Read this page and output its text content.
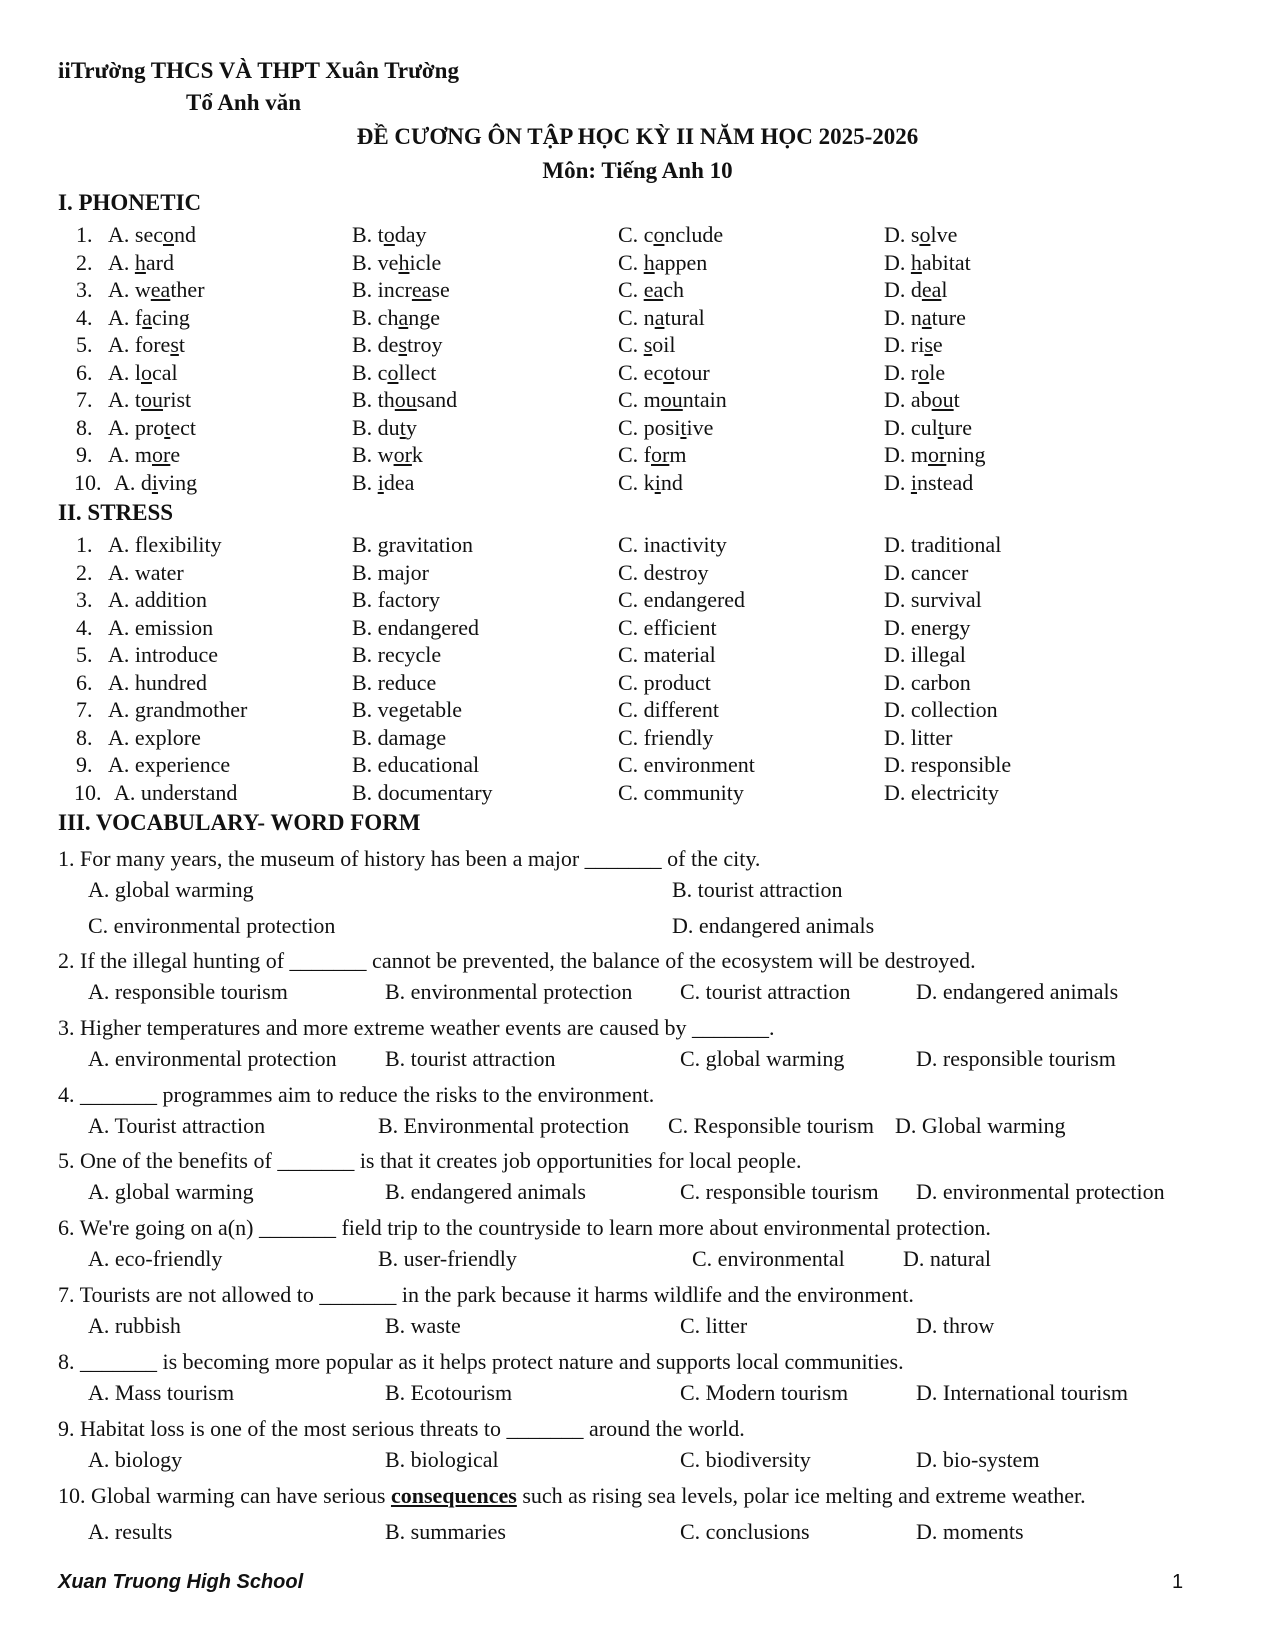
iiTrường THCS VÀ THPT Xuân Trường
Tổ Anh văn
ĐỀ CƯƠNG ÔN TẬP HỌC KỲ II NĂM HỌC 2025-2026
Môn: Tiếng Anh 10
I. PHONETIC
1. A. second	B. today	C. conclude	D. solve
2. A. hard	B. vehicle	C. happen	D. habitat
3. A. weather	B. increase	C. each	D. deal
4. A. facing	B. change	C. natural	D. nature
5. A. forest	B. destroy	C. soil	D. rise
6. A. local	B. collect	C. ecotour	D. role
7. A. tourist	B. thousand	C. mountain	D. about
8. A. protect	B. duty	C. positive	D. culture
9. A. more	B. work	C. form	D. morning
10. A. diving	B. idea	C. kind	D. instead
II. STRESS
1. A. flexibility	B. gravitation	C. inactivity	D. traditional
2. A. water	B. major	C. destroy	D. cancer
3. A. addition	B. factory	C. endangered	D. survival
4. A. emission	B. endangered	C. efficient	D. energy
5. A. introduce	B. recycle	C. material	D. illegal
6. A. hundred	B. reduce	C. product	D. carbon
7. A. grandmother	B. vegetable	C. different	D. collection
8. A. explore	B. damage	C. friendly	D. litter
9. A. experience	B. educational	C. environment	D. responsible
10. A. understand	B. documentary	C. community	D. electricity
III. VOCABULARY- WORD FORM
1. For many years, the museum of history has been a major _______ of the city.
A. global warming	B. tourist attraction
C. environmental protection	D. endangered animals
2. If the illegal hunting of _______ cannot be prevented, the balance of the ecosystem will be destroyed.
A. responsible tourism	B. environmental protection C. tourist attraction	D. endangered animals
3. Higher temperatures and more extreme weather events are caused by _______.
A. environmental protection B. tourist attraction	C. global warming	D. responsible tourism
4. _______ programmes aim to reduce the risks to the environment.
A. Tourist attraction	B. Environmental protection C. Responsible tourism D. Global warming
5. One of the benefits of _______ is that it creates job opportunities for local people.
A. global warming	B. endangered animals	C. responsible tourism D. environmental protection
6. We're going on a(n) _______ field trip to the countryside to learn more about environmental protection.
A. eco-friendly	B. user-friendly	C. environmental	D. natural
7. Tourists are not allowed to _______ in the park because it harms wildlife and the environment.
A. rubbish	B. waste	C. litter	D. throw
8. _______ is becoming more popular as it helps protect nature and supports local communities.
A. Mass tourism	B. Ecotourism	C. Modern tourism	D. International tourism
9. Habitat loss is one of the most serious threats to _______ around the world.
A. biology	B. biological	C. biodiversity	D. bio-system
10. Global warming can have serious consequences such as rising sea levels, polar ice melting and extreme weather.
A. results	B. summaries	C. conclusions	D. moments
Xuan Truong High School	1
